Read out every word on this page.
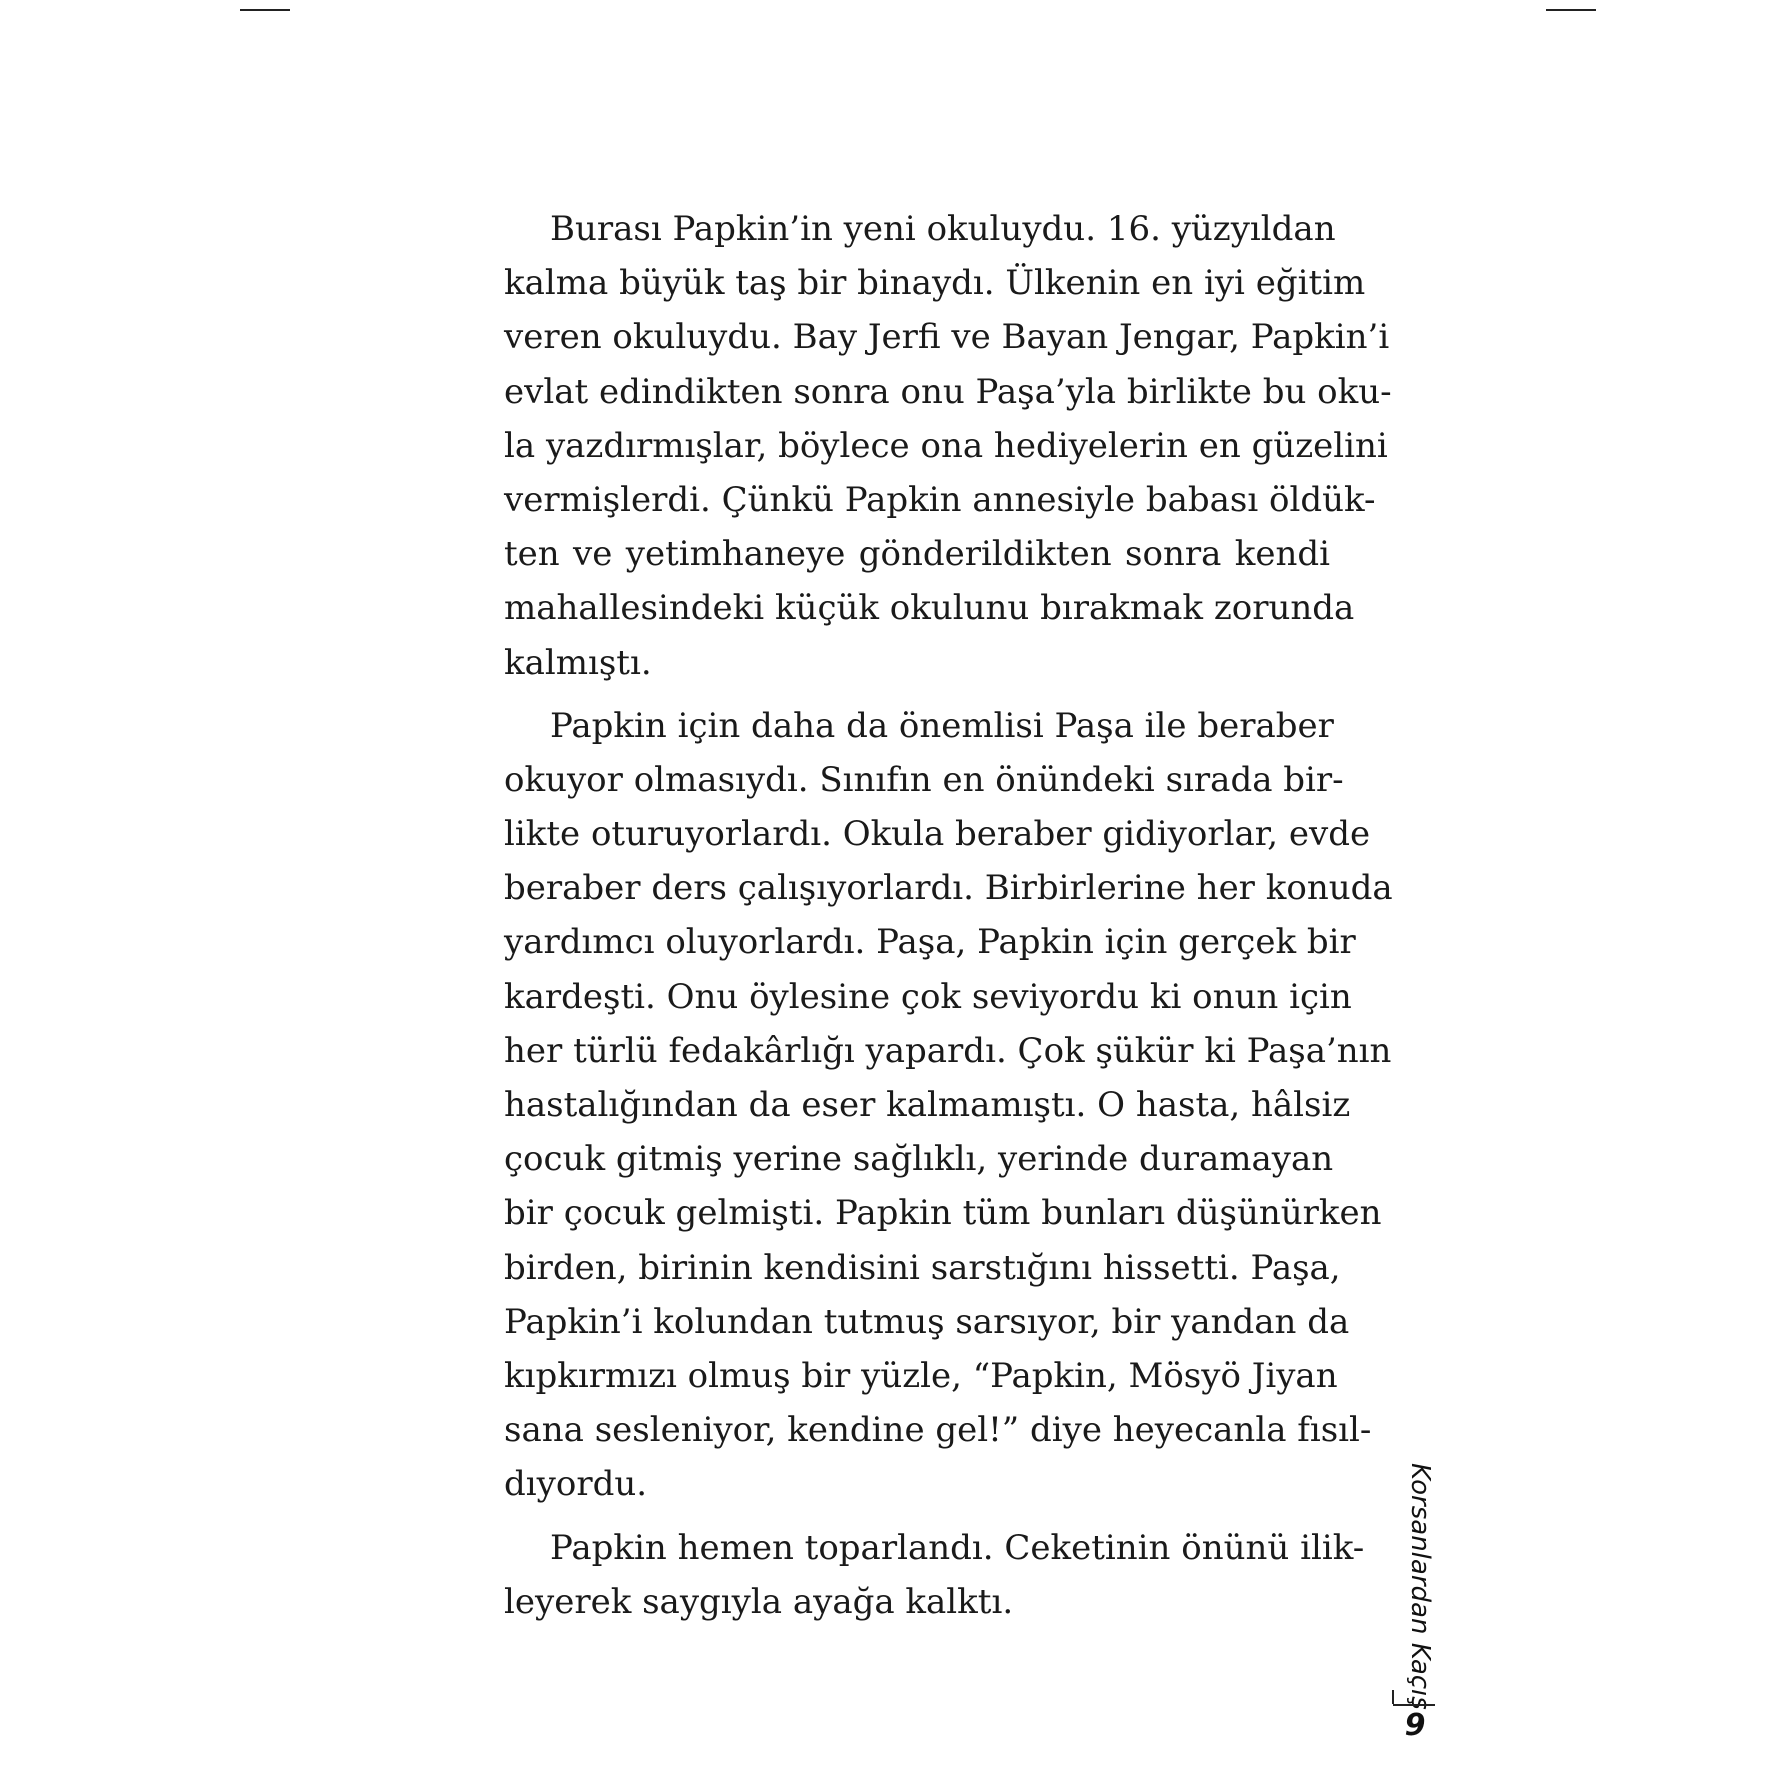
Burası Papkin’in yeni okuluydu. 16. yüzyıldan
kalma büyük taş bir binaydı. Ülkenin en iyi eğitim
veren okuluydu. Bay Jerfi ve Bayan Jengar, Papkin’i
evlat edindikten sonra onu Paşa’yla birlikte bu oku-
la yazdırmışlar, böylece ona hediyelerin en güzelini
vermişlerdi. Çünkü Papkin annesiyle babası öldük-
ten ve yetimhaneye gönderildikten sonra kendi
mahallesindeki küçük okulunu bırakmak zorunda
kalmıştı.
Papkin için daha da önemlisi Paşa ile beraber
okuyor olmasıydı. Sınıfın en önündeki sırada bir-
likte oturuyorlardı. Okula beraber gidiyorlar, evde
beraber ders çalışıyorlardı. Birbirlerine her konuda
yardımcı oluyorlardı. Paşa, Papkin için gerçek bir
kardeşti. Onu öylesine çok seviyordu ki onun için
her türlü fedakârlığı yapardı. Çok şükür ki Paşa’nın
hastalığından da eser kalmamıştı. O hasta, hâlsiz
çocuk gitmiş yerine sağlıklı, yerinde duramayan
bir çocuk gelmişti. Papkin tüm bunları düşünürken
birden, birinin kendisini sarstığını hissetti. Paşa,
Papkin’i kolundan tutmuş sarsıyor, bir yandan da
kıpkırmızı olmuş bir yüzle, “Papkin, Mösyö Jiyan
sana sesleniyor, kendine gel!” diye heyecanla fısıl-
dıyordu.
Papkin hemen toparlandı. Ceketinin önünü ilik-
leyerek saygıyla ayağa kalktı.	Korsanlardan Kaçış
9
